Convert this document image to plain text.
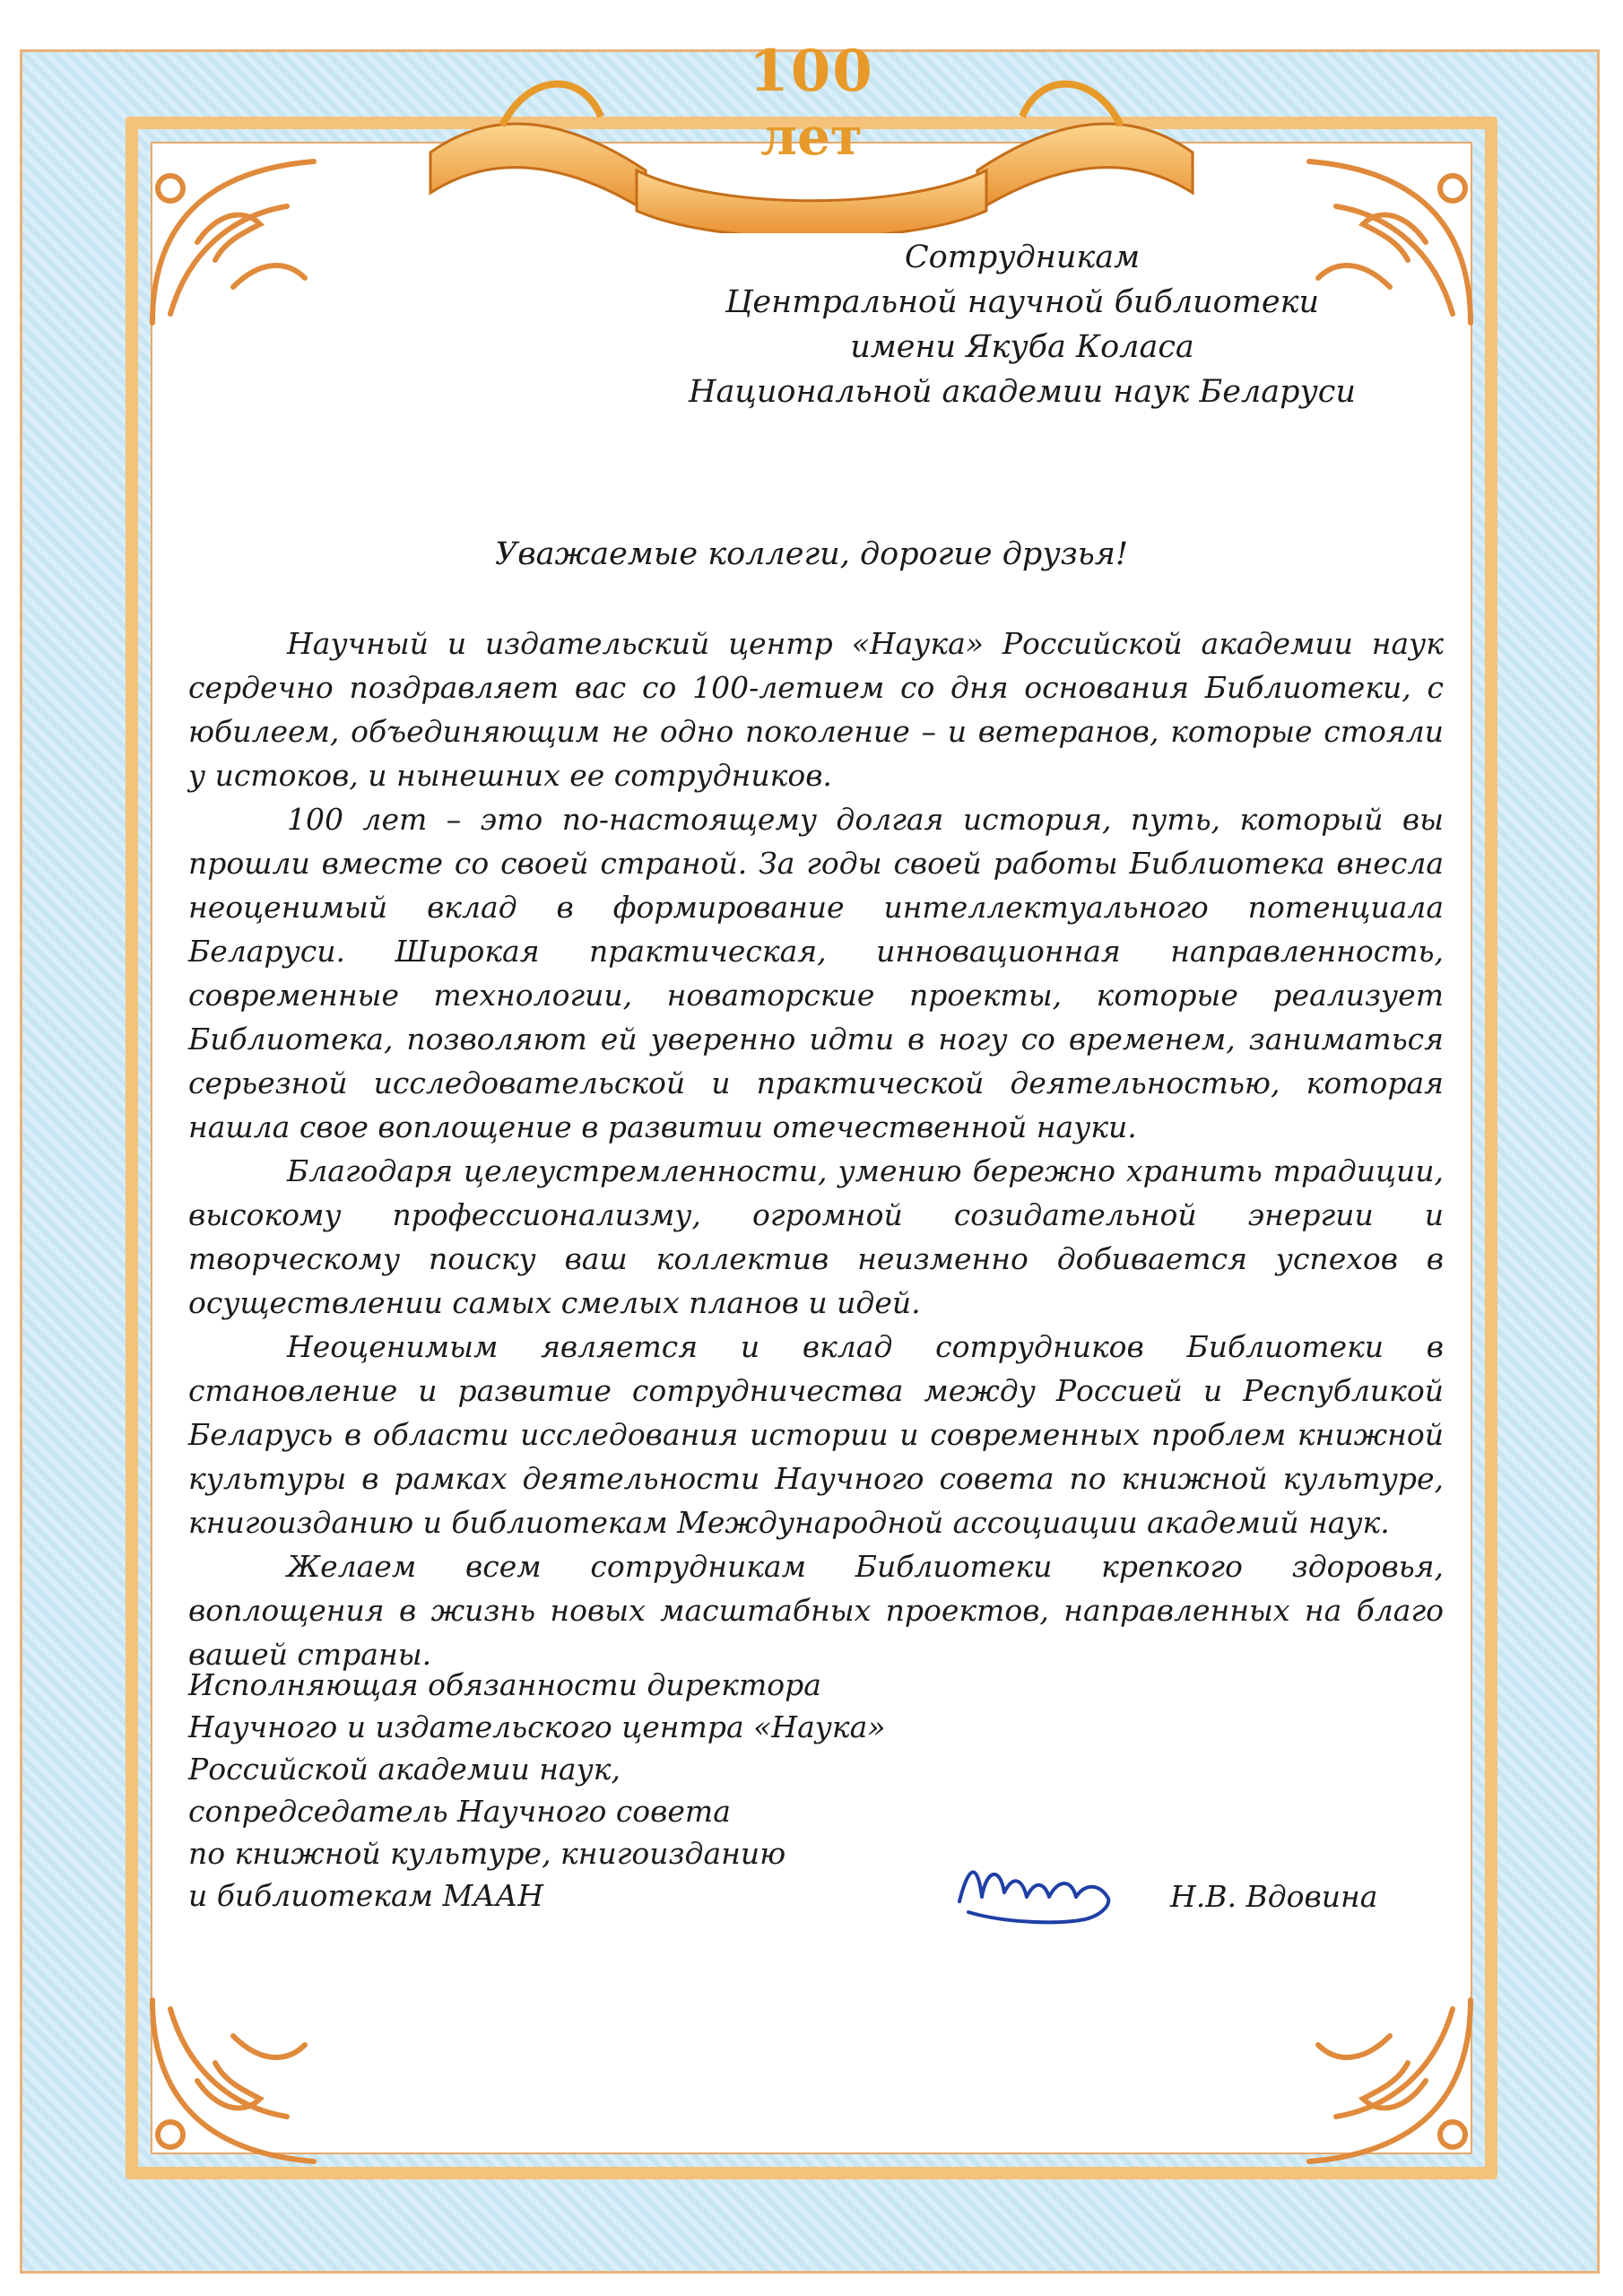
100
лет
Сотрудникам
Центральной научной библиотеки
имени Якуба Коласа
Национальной академии наук Беларуси
Уважаемые коллеги, дорогие друзья!

Научный и издательский центр «Наука» Российской академии наук сердечно поздравляет вас со 100-летием со дня основания Библиотеки, с юбилеем, объединяющим не одно поколение – и ветеранов, которые стояли у истоков, и нынешних ее сотрудников.

100 лет – это по-настоящему долгая история, путь, который вы прошли вместе со своей страной. За годы своей работы Библиотека внесла неоценимый вклад в формирование интеллектуального потенциала Беларуси. Широкая практическая, инновационная направленность, современные технологии, новаторские проекты, которые реализует Библиотека, позволяют ей уверенно идти в ногу со временем, заниматься серьезной исследовательской и практической деятельностью, которая нашла свое воплощение в развитии отечественной науки.

Благодаря целеустремленности, умению бережно хранить традиции, высокому профессионализму, огромной созидательной энергии и творческому поиску ваш коллектив неизменно добивается успехов в осуществлении самых смелых планов и идей.

Неоценимым является и вклад сотрудников Библиотеки в становление и развитие сотрудничества между Россией и Республикой Беларусь в области исследования истории и современных проблем книжной культуры в рамках деятельности Научного совета по книжной культуре, книгоизданию и библиотекам Международной ассоциации академий наук.

Желаем всем сотрудникам Библиотеки крепкого здоровья, воплощения в жизнь новых масштабных проектов, направленных на благо вашей страны.

Исполняющая обязанности директора
Научного и издательского центра «Наука»
Российской академии наук,
сопредседатель Научного совета
по книжной культуре, книгоизданию
и библиотекам МААН	Н.В. Вдовина
